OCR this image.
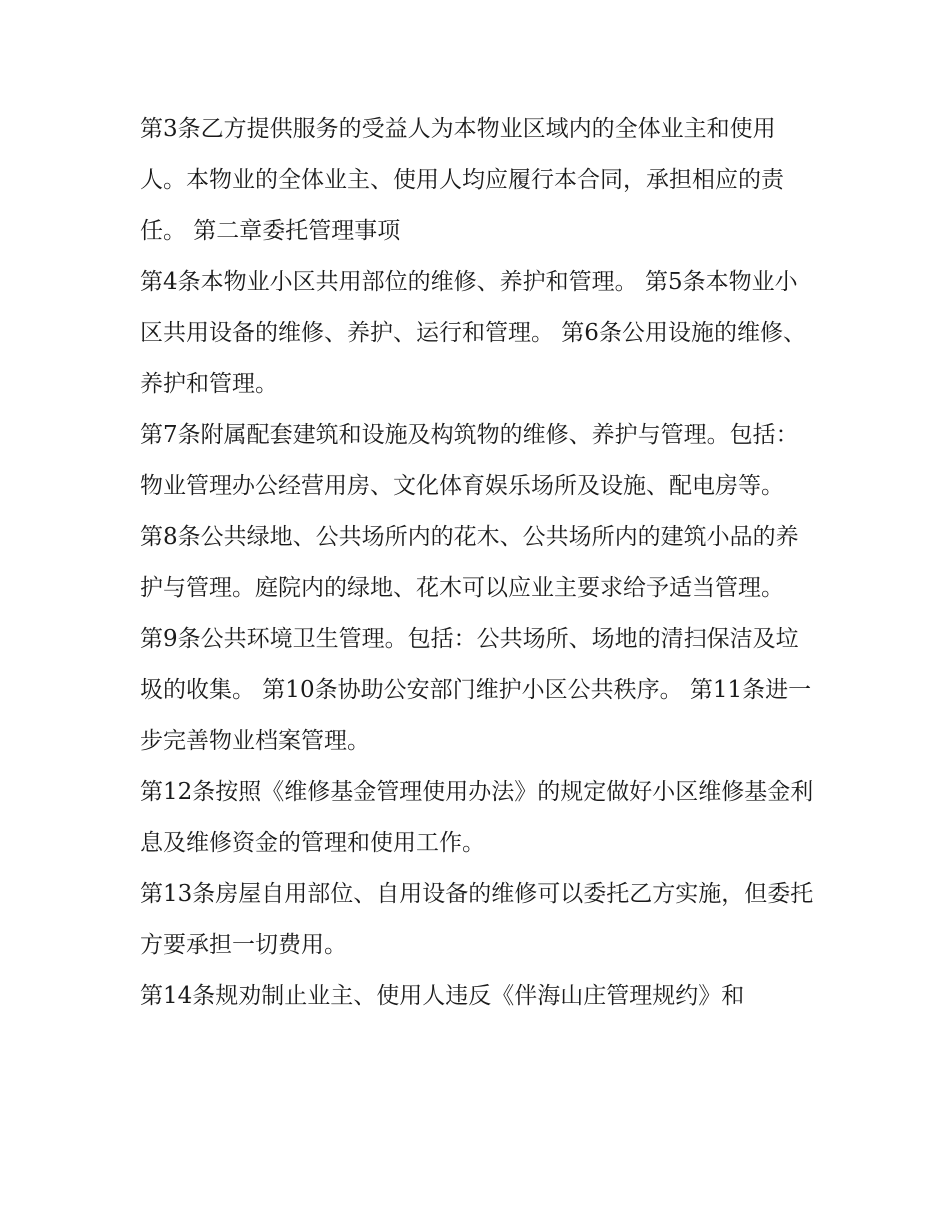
第3条乙方提供服务的受益人为本物业区域内的全体业主和使用人。本物业的全体业主、使用人均应履行本合同，承担相应的责任。 第二章委托管理事项

第4条本物业小区共用部位的维修、养护和管理。 第5条本物业小区共用设备的维修、养护、运行和管理。 第6条公用设施的维修、养护和管理。

第7条附属配套建筑和设施及构筑物的维修、养护与管理。包括：物业管理办公经营用房、文化体育娱乐场所及设施、配电房等。

第8条公共绿地、公共场所内的花木、公共场所内的建筑小品的养护与管理。庭院内的绿地、花木可以应业主要求给予适当管理。

第9条公共环境卫生管理。包括：公共场所、场地的清扫保洁及垃圾的收集。 第10条协助公安部门维护小区公共秩序。 第11条进一步完善物业档案管理。

第12条按照《维修基金管理使用办法》的规定做好小区维修基金利息及维修资金的管理和使用工作。

第13条房屋自用部位、自用设备的维修可以委托乙方实施，但委托方要承担一切费用。

第14条规劝制止业主、使用人违反《伴海山庄管理规约》和
